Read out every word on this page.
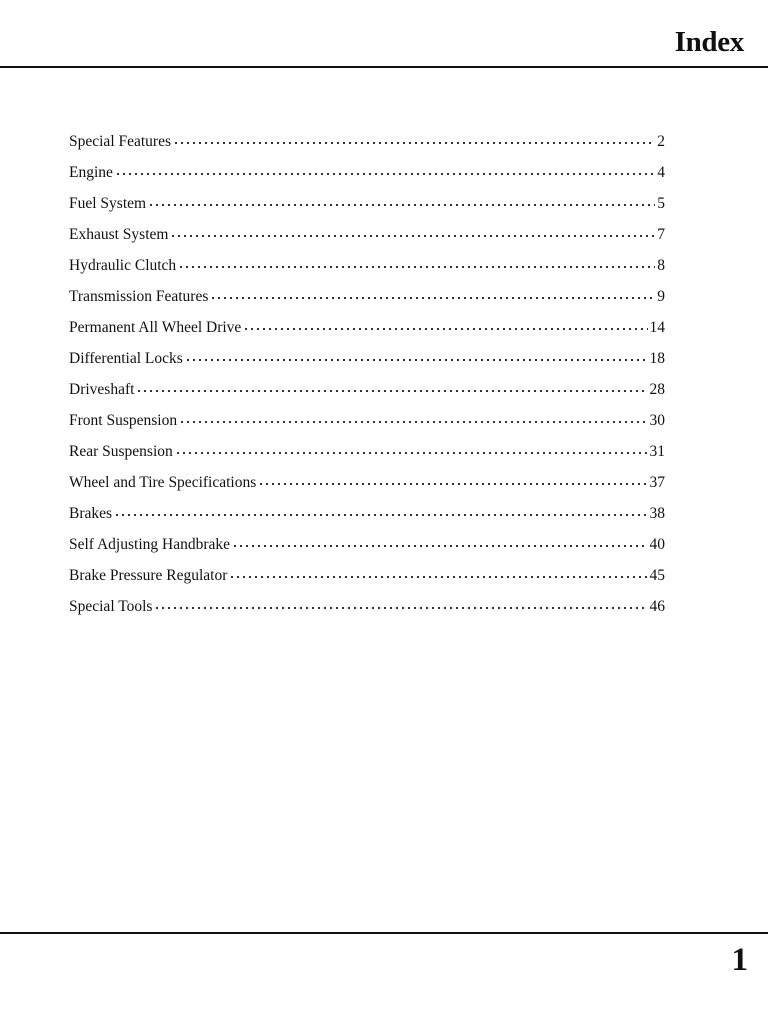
Index
Special Features	2
Engine	4
Fuel System	5
Exhaust System	7
Hydraulic Clutch	8
Transmission Features	9
Permanent All Wheel Drive	14
Differential Locks	18
Driveshaft	28
Front Suspension	30
Rear Suspension	31
Wheel and Tire Specifications	37
Brakes	38
Self Adjusting Handbrake	40
Brake Pressure Regulator	45
Special Tools	46
1
